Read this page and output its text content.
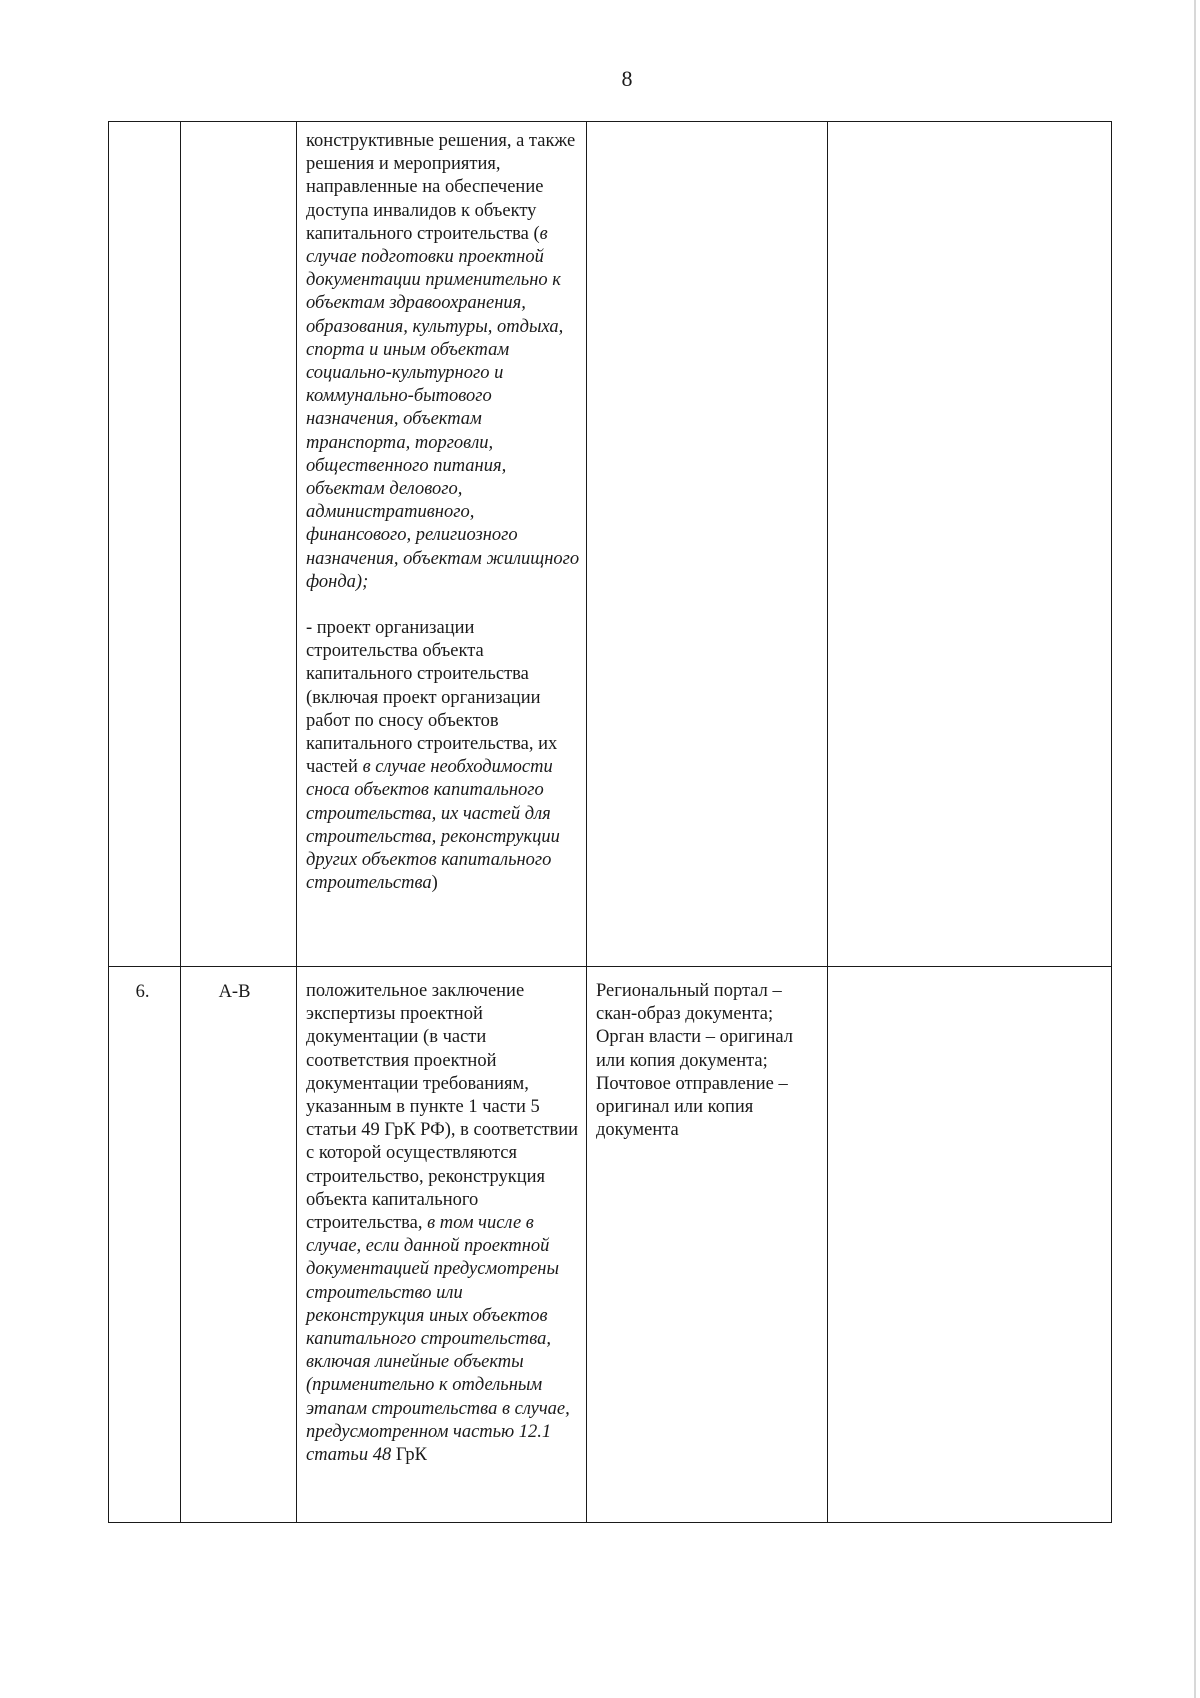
8

		конструктивные решения, а также решения и мероприятия, направленные на обеспечение доступа инвалидов к объекту капитального строительства (в случае подготовки проектной документации применительно к объектам здравоохранения, образования, культуры, отдыха, спорта и иным объектам социально-культурного и коммунально-бытового назначения, объектам транспорта, торговли, общественного питания, объектам делового, административного, финансового, религиозного назначения, объектам жилищного фонда);
- проект организации строительства объекта капитального строительства (включая проект организации работ по сносу объектов капитального строительства, их частей в случае необходимости сноса объектов капитального строительства, их частей для строительства, реконструкции других объектов капитального строительства)		

6.	А-В	положительное заключение экспертизы проектной документации (в части соответствия проектной документации требованиям, указанным в пункте 1 части 5 статьи 49 ГрК РФ), в соответствии с которой осуществляются строительство, реконструкция объекта капитального строительства, в том числе в случае, если данной проектной документацией предусмотрены строительство или реконструкция иных объектов капитального строительства, включая линейные объекты (применительно к отдельным этапам строительства в случае, предусмотренном частью 12.1 статьи 48 ГрК	Региональный портал – скан-образ документа; Орган власти – оригинал или копия документа; Почтовое отправление – оригинал или копия документа	
